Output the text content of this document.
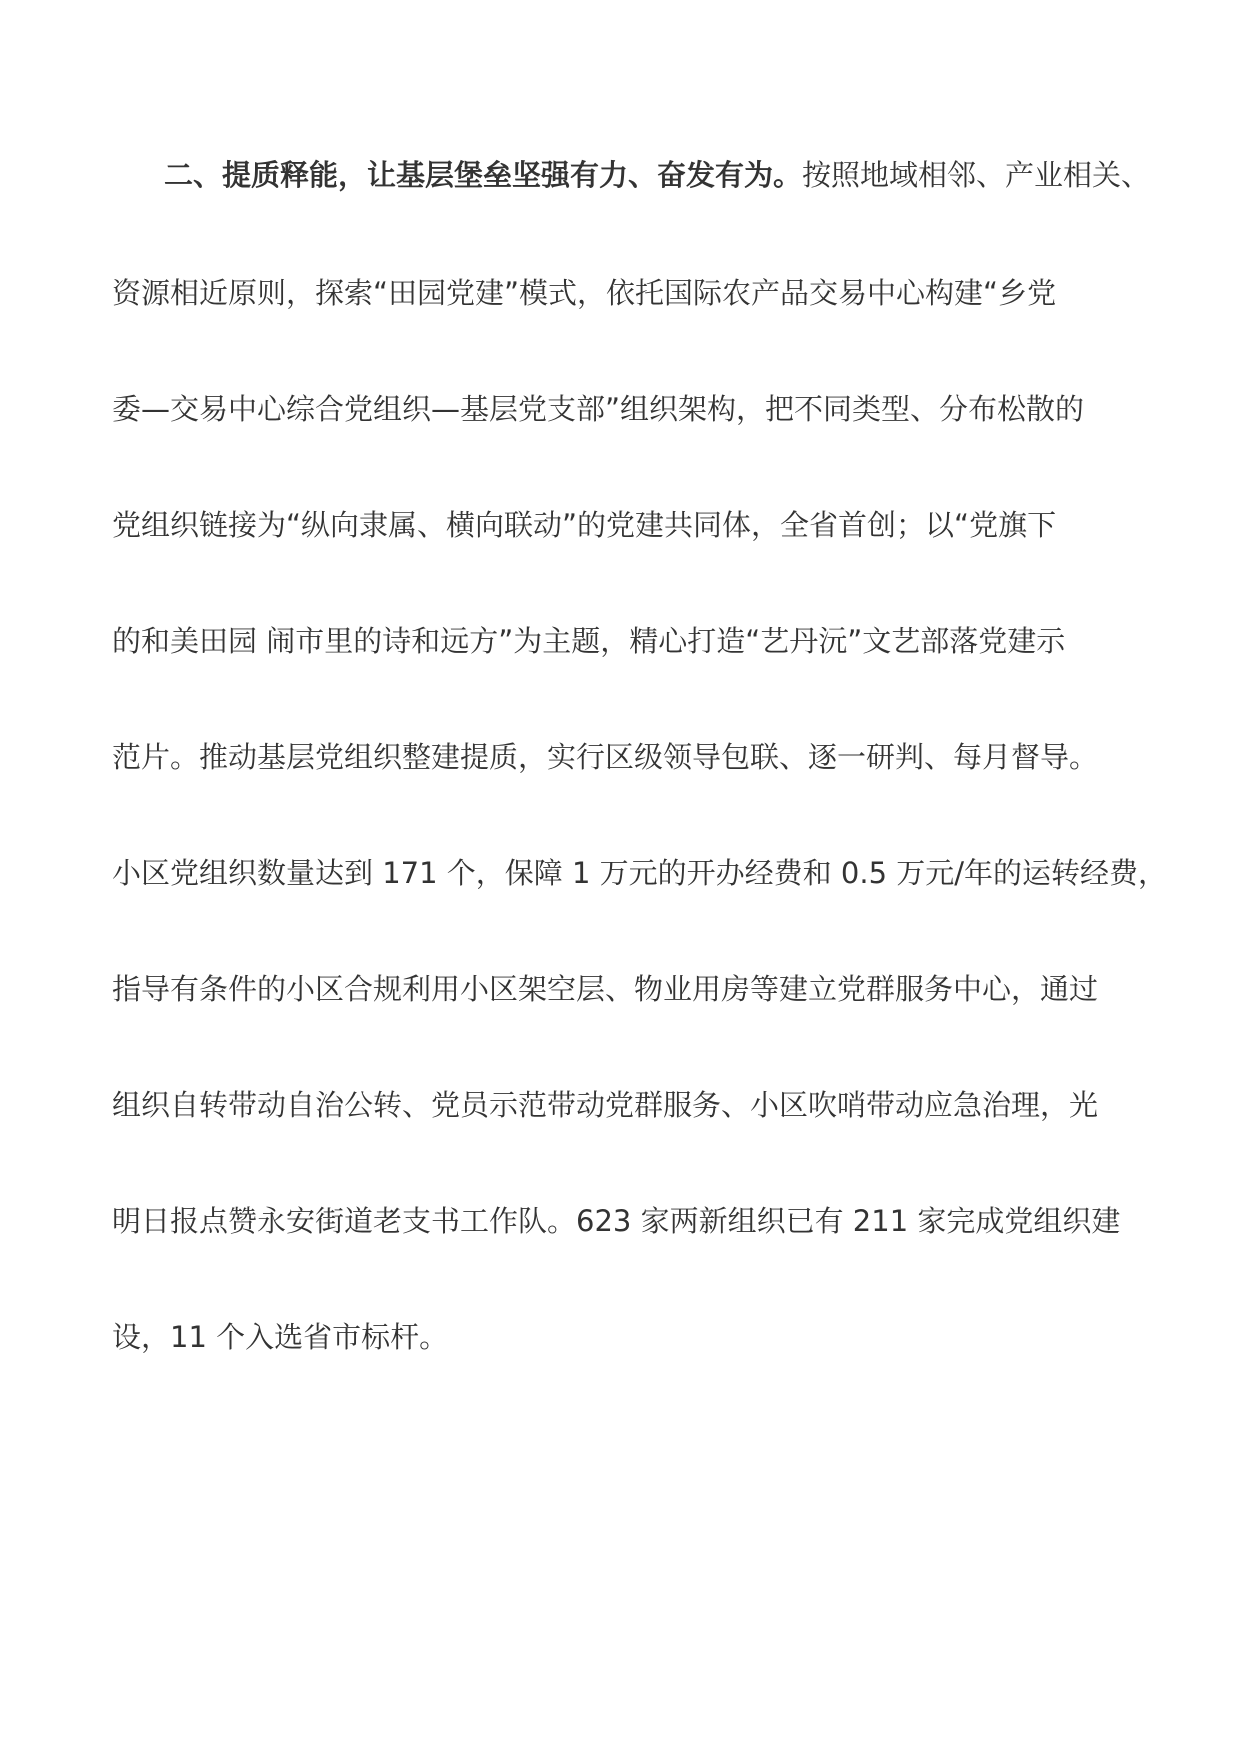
二、提质释能，让基层堡垒坚强有力、奋发有为。按照地域相邻、产业相关、
资源相近原则，探索“田园党建”模式，依托国际农产品交易中心构建“乡党
委—交易中心综合党组织—基层党支部”组织架构，把不同类型、分布松散的
党组织链接为“纵向隶属、横向联动”的党建共同体，全省首创；以“党旗下
的和美田园 闹市里的诗和远方”为主题，精心打造“艺丹沅”文艺部落党建示
范片。推动基层党组织整建提质，实行区级领导包联、逐一研判、每月督导。
小区党组织数量达到 171 个，保障 1 万元的开办经费和 0.5 万元/年的运转经费，
指导有条件的小区合规利用小区架空层、物业用房等建立党群服务中心，通过
组织自转带动自治公转、党员示范带动党群服务、小区吹哨带动应急治理，光
明日报点赞永安街道老支书工作队。623 家两新组织已有 211 家完成党组织建
设，11 个入选省市标杆。
